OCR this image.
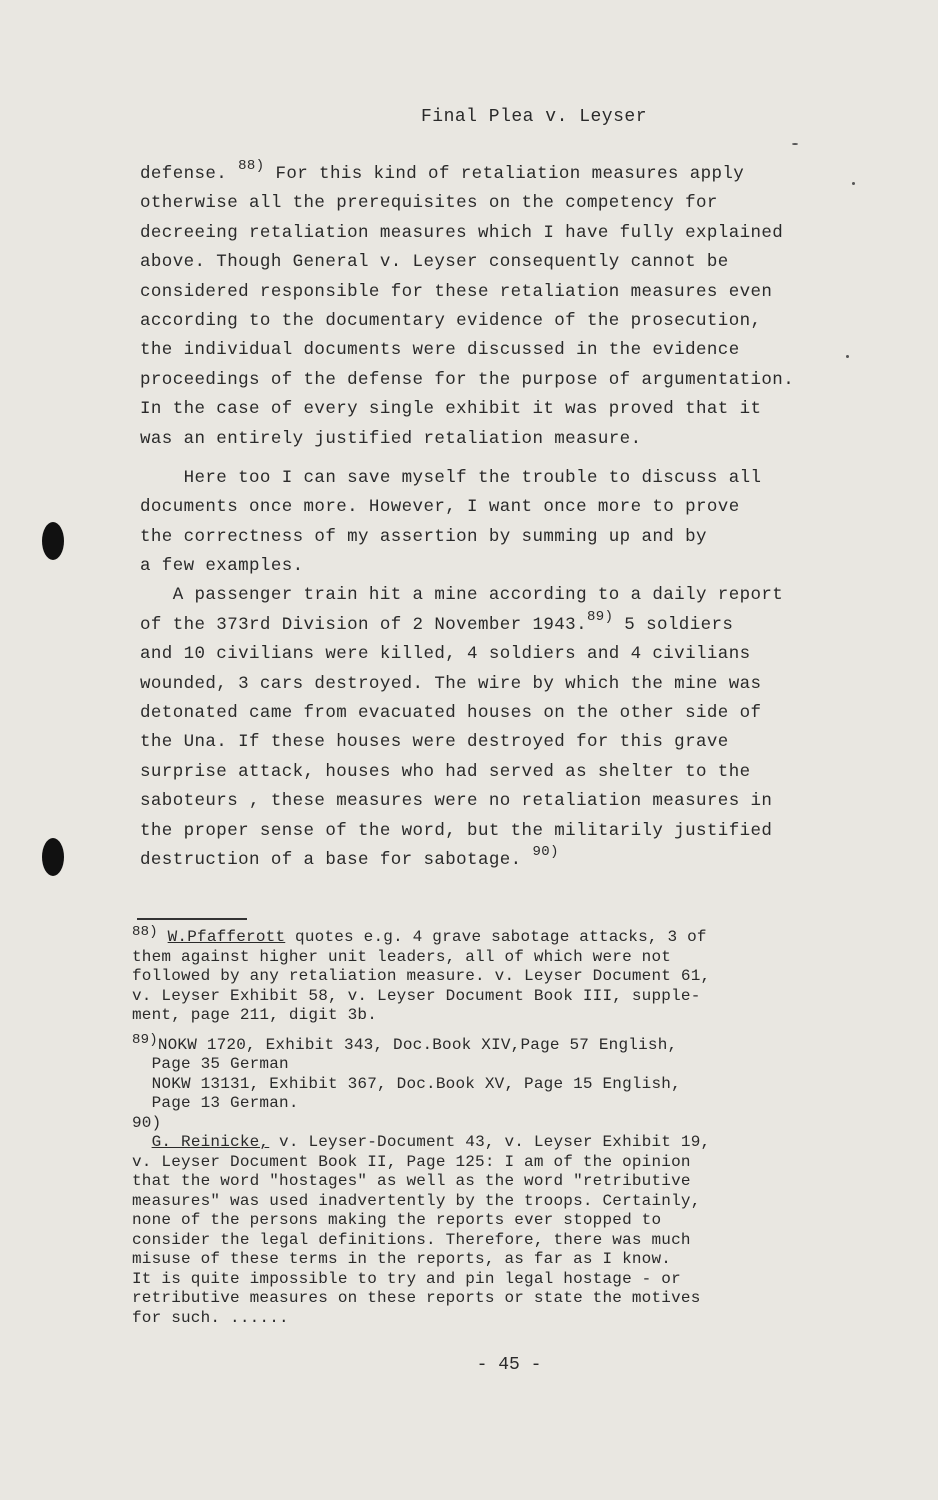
Final Plea v. Leyser
defense. $^{88)}$ For this kind of retaliation measures apply
otherwise all the prerequisites on the competency for
decreeing retaliation measures which I have fully explained
above. Though General v. Leyser consequently cannot be
considered responsible for these retaliation measures even
according to the documentary evidence of the prosecution,
the individual documents were discussed in the evidence
proceedings of the defense for the purpose of argumentation.
In the case of every single exhibit it was proved that it
was an entirely justified retaliation measure.
Here too I can save myself the trouble to discuss all
documents once more. However, I want once more to prove
the correctness of my assertion by summing up and by
a few examples.
A passenger train hit a mine according to a daily report
of the 373rd Division of 2 November 1943.$^{89)}$ 5 soldiers
and 10 civilians were killed, 4 soldiers and 4 civilians
wounded, 3 cars destroyed. The wire by which the mine was
detonated came from evacuated houses on the other side of
the Una. If these houses were destroyed for this grave
surprise attack, houses who had served as shelter to the
saboteurs , these measures were no retaliation measures in
the proper sense of the word, but the militarily justified
destruction of a base for sabotage. $^{90)}$
88) W.Pfafferott quotes e.g. 4 grave sabotage attacks, 3 of
them against higher unit leaders, all of which were not
followed by any retaliation measure. v. Leyser Document 61,
v. Leyser Exhibit 58, v. Leyser Document Book III, supple-
ment, page 211, digit 3b.
89)NOKW 1720, Exhibit 343, Doc.Book XIV,Page 57 English,
Page 35 German
NOKW 13131, Exhibit 367, Doc.Book XV, Page 15 English,
Page 13 German.
90)
G. Reinicke, v. Leyser-Document 43, v. Leyser Exhibit 19,
v. Leyser Document Book II, Page 125: I am of the opinion
that the word "hostages" as well as the word "retributive
measures" was used inadvertently by the troops. Certainly,
none of the persons making the reports ever stopped to
consider the legal definitions. Therefore, there was much
misuse of these terms in the reports, as far as I know.
It is quite impossible to try and pin legal hostage - or
retributive measures on these reports or state the motives
for such. ......
- 45 -
